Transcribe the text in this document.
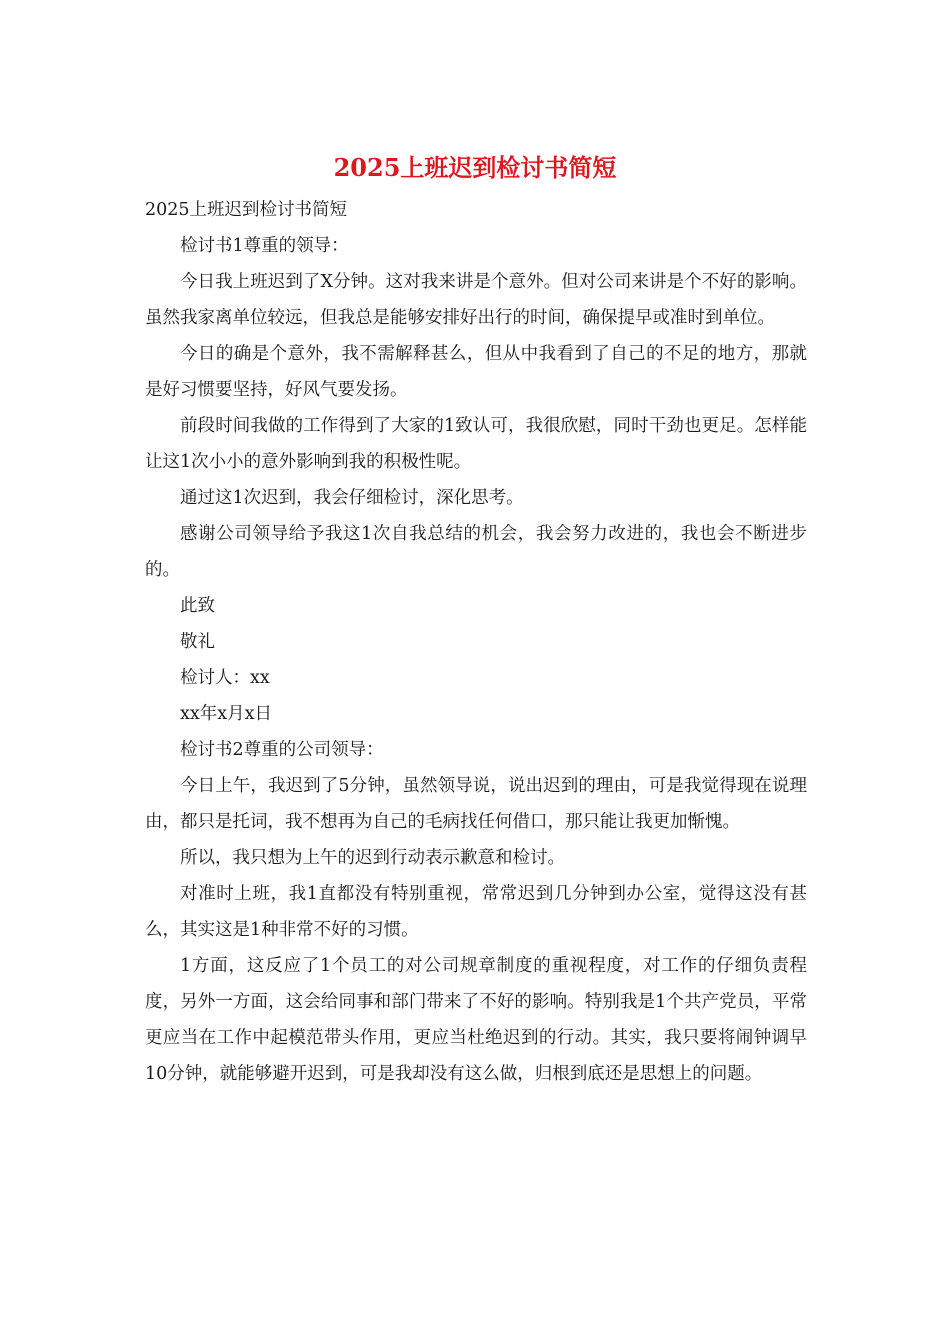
2025上班迟到检讨书简短

2025上班迟到检讨书简短

检讨书1尊重的领导：

今日我上班迟到了X分钟。这对我来讲是个意外。但对公司来讲是个不好的影响。虽然我家离单位较远，但我总是能够安排好出行的时间，确保提早或准时到单位。

今日的确是个意外，我不需解释甚么，但从中我看到了自己的不足的地方，那就是好习惯要坚持，好风气要发扬。

前段时间我做的工作得到了大家的1致认可，我很欣慰，同时干劲也更足。怎样能让这1次小小的意外影响到我的积极性呢。

通过这1次迟到，我会仔细检讨，深化思考。

感谢公司领导给予我这1次自我总结的机会，我会努力改进的，我也会不断进步的。

此致

敬礼

检讨人：xx

xx年x月x日

检讨书2尊重的公司领导：

今日上午，我迟到了5分钟，虽然领导说，说出迟到的理由，可是我觉得现在说理由，都只是托词，我不想再为自己的毛病找任何借口，那只能让我更加惭愧。

所以，我只想为上午的迟到行动表示歉意和检讨。

对准时上班，我1直都没有特别重视，常常迟到几分钟到办公室，觉得这没有甚么，其实这是1种非常不好的习惯。

1方面，这反应了1个员工的对公司规章制度的重视程度，对工作的仔细负责程度，另外一方面，这会给同事和部门带来了不好的影响。特别我是1个共产党员，平常更应当在工作中起模范带头作用，更应当杜绝迟到的行动。其实，我只要将闹钟调早10分钟，就能够避开迟到，可是我却没有这么做，归根到底还是思想上的问题。
